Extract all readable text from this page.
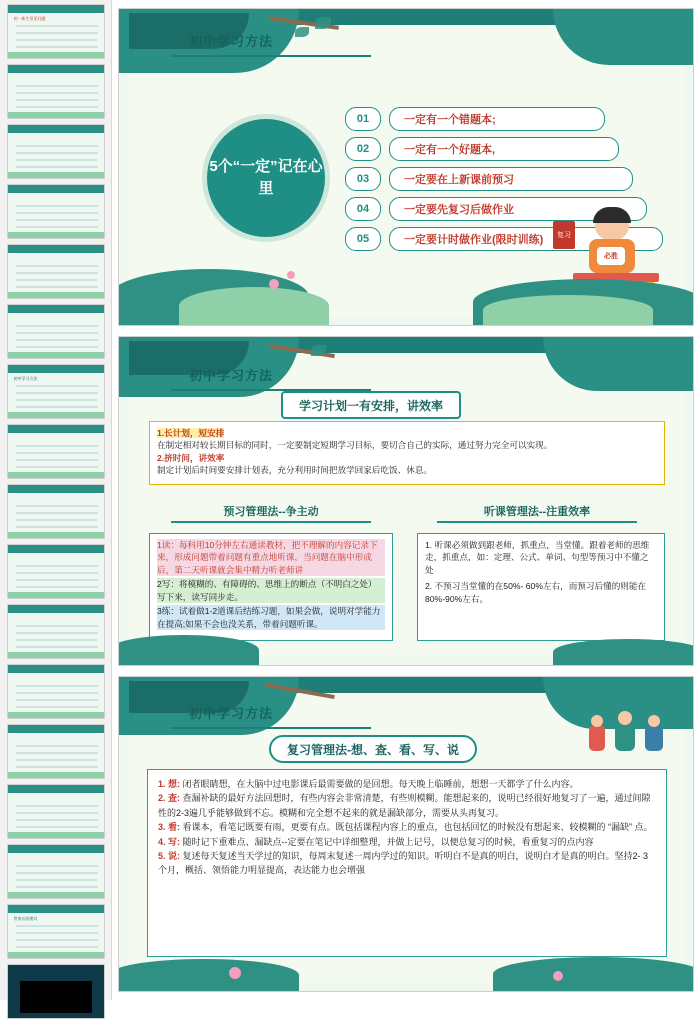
初一新生常见问题
初中学习方法
给家长的建议
初中学习方法
5个“一定”记在心里
01	一定有一个错题本;
02	一定有一个好题本,
03	一定要在上新课前预习
04	一定要先复习后做作业
05	一定要计时做作业(限时训练)
必胜
复习
初中学习方法
学习计划一有安排，讲效率
1.长计划，短安排
在制定相对较长期目标的同时，一定要制定短期学习目标，要切合自己的实际，通过努力完全可以实现。
2.挤时间，讲效率
制定计划后时间要安排计划表，充分利用时间把放学回家后吃饭、休息。
预习管理法--争主动	听课管理法--注重效率
1读：每科用10分钟左右通读教材，把不理解的内容记录下来，形成问题带着问题有重点地听课，当问题在脑中形成后，第二天听课就会集中精力听老师讲
2写：将模糊的、有障碍的、思维上的断点（不明白之处）写下来，读写同步走。
3练：试着做1-2道课后结练习题，如果会做，说明对学能力在提高;如果不会也没关系，带着问题听课。
1. 听课必须做到跟老师，抓重点，当堂懂。跟着老师的思维走，抓重点，如：定理、公式、单词、句型等预习中不懂之处
2. 不预习当堂懂的在50%- 60%左右，而预习后懂的则能在80%-90%左右。
初中学习方法
复习管理法-想、查、看、写、说
1. 想: 闭者眼睛想，在大脑中过电影课后最需要做的是回想。每天晚上临睡前，想想一天都学了什么内容。
2. 查: 查漏补缺的最好方法回想时，有些内容会非常清楚，有些则模糊。能想起来的，说明已经很好地复习了一遍，通过间隙性的2-3遍几乎能够做到不忘。模糊和完全想不起来的就是漏缺部分，需要从头再复习。
3. 看: 看课本，看笔记既要有雨，更要有点。既包括课程内容上的重点，也包括回忆的时候没有想起来、较模糊的 “漏缺” 点。
4. 写: 随时记下重难点、漏缺点--定要在笔记中详细整理，并做上记号，以便总复习的时候，看重复习的点内容
5. 说: 复述每天复述当天学过的知识，每周末复述一周内学过的知识。听明白不是真的明白，说明白才是真的明白。坚持2- 3个月，概括、领悟能力明显提高，表达能力也会增强
